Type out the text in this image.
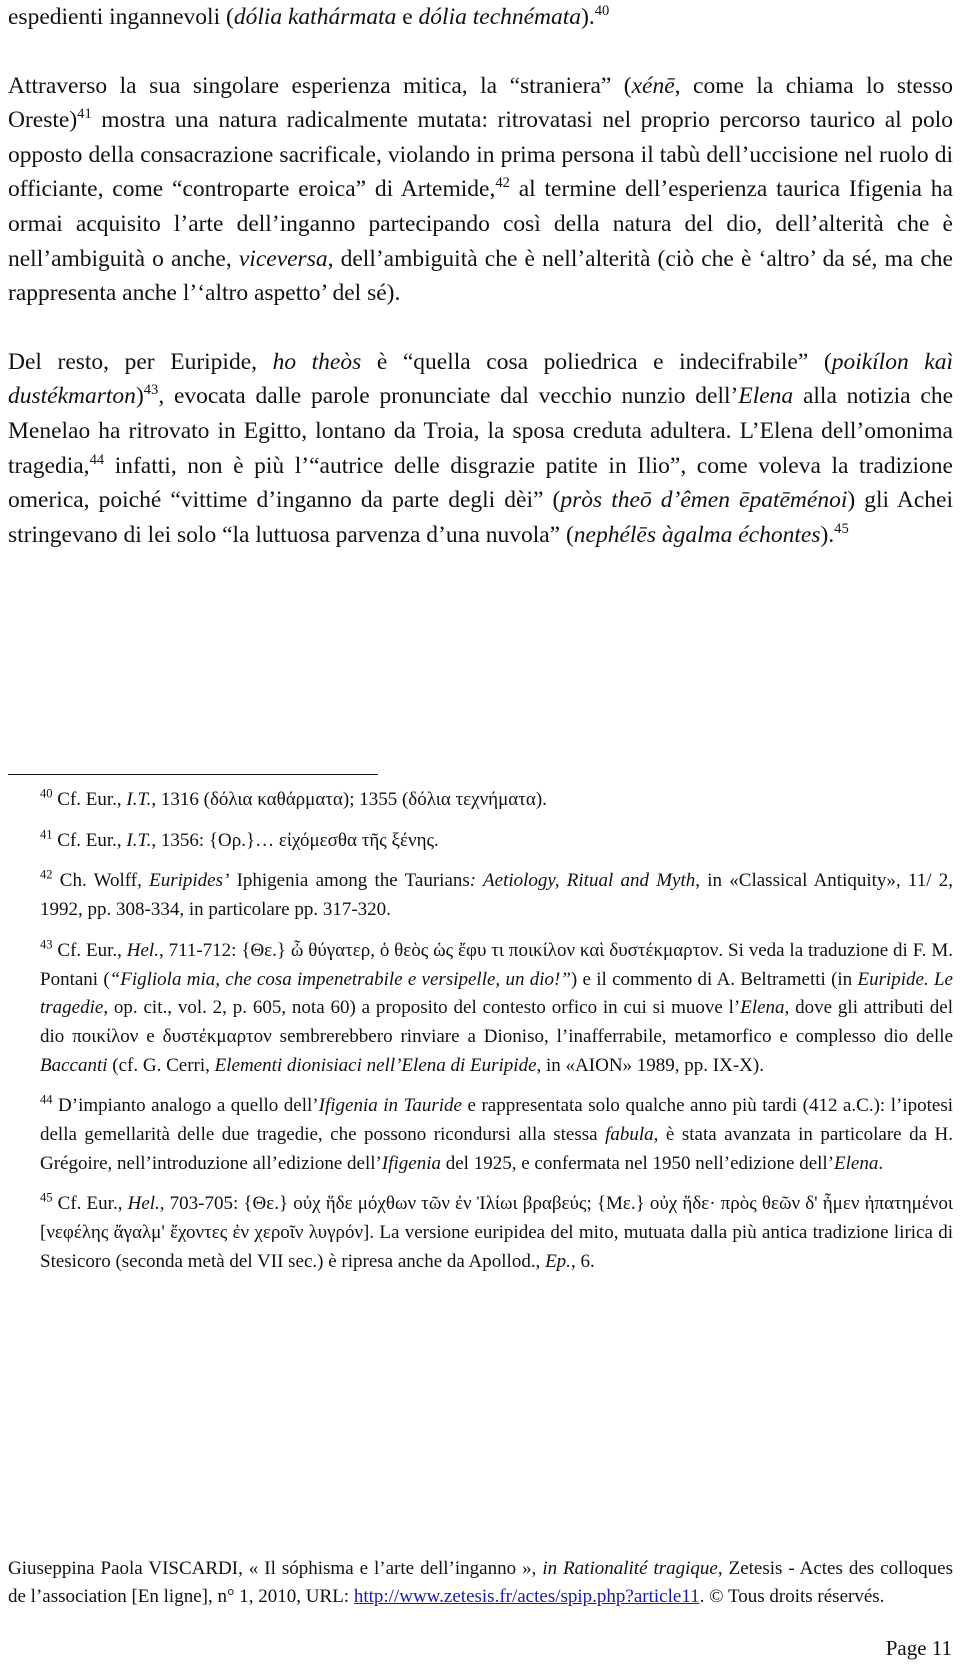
espedienti ingannevoli (dólia kathármata e dólia technémata).$^{40}$

Attraverso la sua singolare esperienza mitica, la “straniera” (xénē, come la chiama lo stesso Oreste)$^{41}$ mostra una natura radicalmente mutata: ritrovatasi nel proprio percorso taurico al polo opposto della consacrazione sacrificale, violando in prima persona il tabù dell’uccisione nel ruolo di officiante, come “controparte eroica” di Artemide,$^{42}$ al termine dell’esperienza taurica Ifigenia ha ormai acquisito l’arte dell’inganno partecipando così della natura del dio, dell’alterità che è nell’ambiguità o anche, viceversa, dell’ambiguità che è nell’alterità (ciò che è ‘altro’ da sé, ma che rappresenta anche l’‘altro aspetto’ del sé).

Del resto, per Euripide, ho theòs è “quella cosa poliedrica e indecifrabile” (poikílon kaì dustékmarton)$^{43}$, evocata dalle parole pronunciate dal vecchio nunzio dell’Elena alla notizia che Menelao ha ritrovato in Egitto, lontano da Troia, la sposa creduta adultera. L’Elena dell’omonima tragedia,$^{44}$ infatti, non è più l’“autrice delle disgrazie patite in Ilio”, come voleva la tradizione omerica, poiché “vittime d’inganno da parte degli dèi” (pròs theō d’êmen ēpatēménoi) gli Achei stringevano di lei solo “la luttuosa parvenza d’una nuvola” (nephélēs àgalma échontes).$^{45}$

$^{40}$ Cf. Eur., I.T., 1316 (δόλια καθάρματα); 1355 (δόλια τεχνήματα).

$^{41}$ Cf. Eur., I.T., 1356: {Ορ.}… εἰχόμεσθα τῆς ξένης.

$^{42}$ Ch. Wolff, Euripides’ Iphigenia among the Taurians: Aetiology, Ritual and Myth, in «Classical Antiquity», 11/ 2, 1992, pp. 308-334, in particolare pp. 317-320.

$^{43}$ Cf. Eur., Hel., 711-712: {Θε.} ὦ θύγατερ, ὁ θεὸς ὡς ἔφυ τι ποικίλον καὶ δυστέκμαρτον. Si veda la traduzione di F. M. Pontani (“Figliola mia, che cosa impenetrabile e versipelle, un dio!”) e il commento di A. Beltrametti (in Euripide. Le tragedie, op. cit., vol. 2, p. 605, nota 60) a proposito del contesto orfico in cui si muove l’Elena, dove gli attributi del dio ποικίλον e δυστέκμαρτον sembrerebbero rinviare a Dioniso, l’inafferrabile, metamorfico e complesso dio delle Baccanti (cf. G. Cerri, Elementi dionisiaci nell’Elena di Euripide, in «AION» 1989, pp. IX-X).

$^{44}$ D’impianto analogo a quello dell’Ifigenia in Tauride e rappresentata solo qualche anno più tardi (412 a.C.): l’ipotesi della gemellarità delle due tragedie, che possono ricondursi alla stessa fabula, è stata avanzata in particolare da H. Grégoire, nell’introduzione all’edizione dell’Ifigenia del 1925, e confermata nel 1950 nell’edizione dell’Elena.

$^{45}$ Cf. Eur., Hel., 703-705: {Θε.} οὐχ ἥδε μόχθων τῶν ἐν Ἰλίωι βραβεύς; {Με.} οὐχ ἥδε· πρὸς θεῶν δ' ἦμεν ἠπατημένοι [νεφέλης ἄγαλμ' ἔχοντες ἐν χεροῖν λυγρόν]. La versione euripidea del mito, mutuata dalla più antica tradizione lirica di Stesicoro (seconda metà del VII sec.) è ripresa anche da Apollod., Ep., 6.

Giuseppina Paola VISCARDI, « Il sóphisma e l’arte dell’inganno », in Rationalité tragique, Zetesis - Actes des colloques de l’association [En ligne], n° 1, 2010, URL: http://www.zetesis.fr/actes/spip.php?article11. © Tous droits réservés.

Page 11
